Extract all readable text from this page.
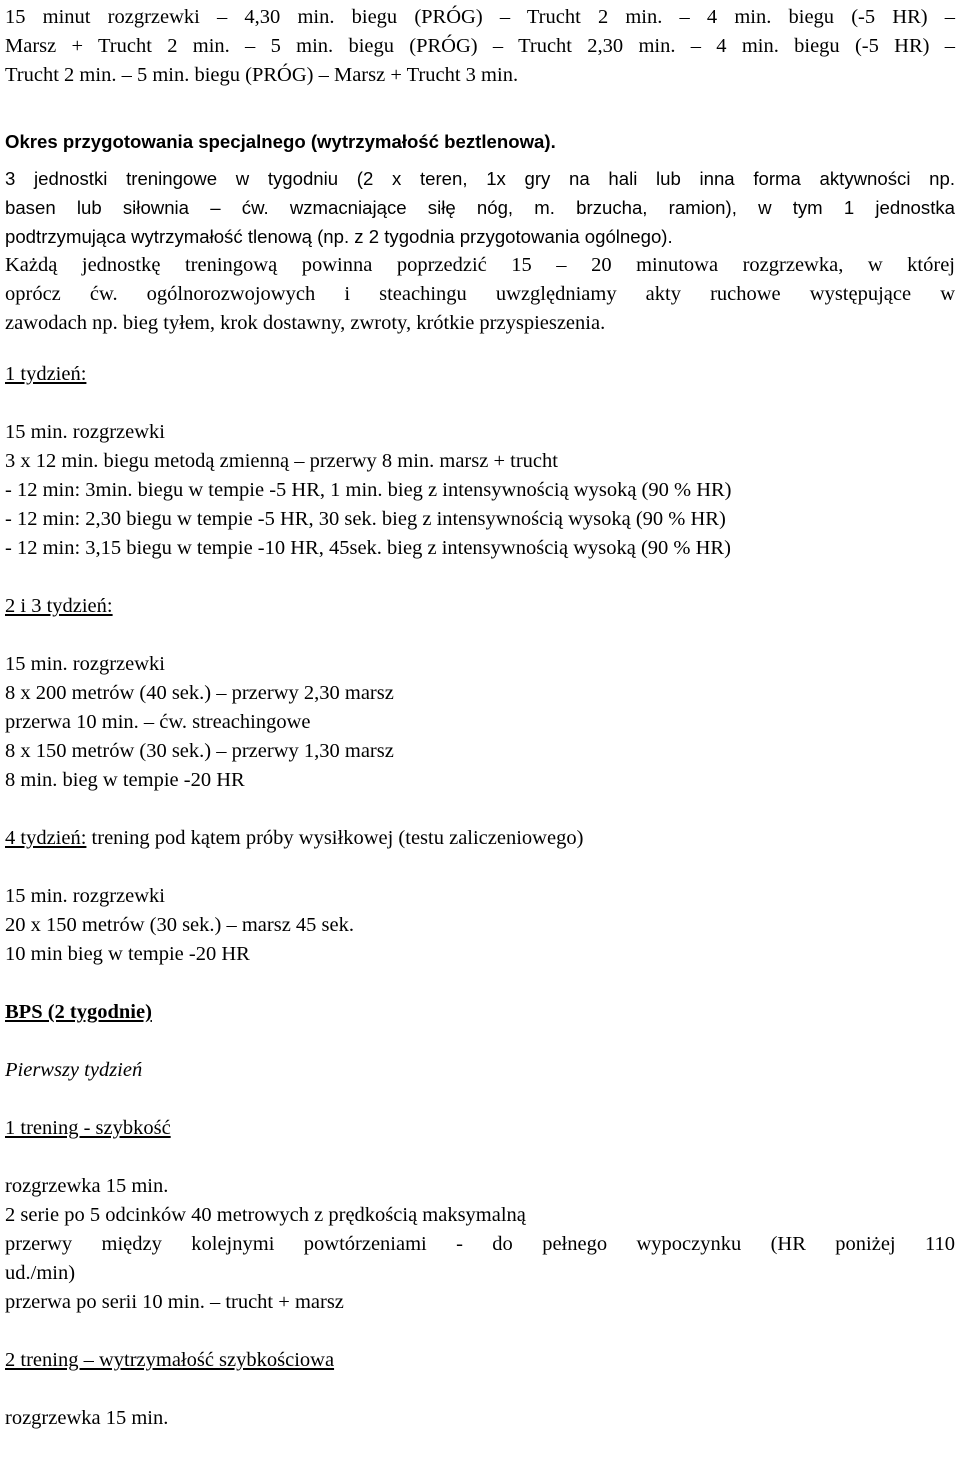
15 minut rozgrzewki – 4,30 min. biegu (PRÓG) – Trucht 2 min. – 4 min. biegu (-5 HR) –

Marsz + Trucht 2 min. – 5 min. biegu (PRÓG) – Trucht 2,30 min. – 4 min. biegu (-5 HR) –

Trucht 2 min. – 5 min. biegu (PRÓG) – Marsz + Trucht 3 min.

Okres przygotowania specjalnego (wytrzymałość beztlenowa).

3 jednostki treningowe w tygodniu (2 x teren, 1x gry na hali lub inna forma aktywności np.

basen lub siłownia – ćw. wzmacniające siłę nóg, m. brzucha, ramion), w tym 1 jednostka

podtrzymująca wytrzymałość tlenową (np. z 2 tygodnia przygotowania ogólnego).

Każdą jednostkę treningową powinna poprzedzić 15 – 20 minutowa rozgrzewka, w której

oprócz ćw. ogólnorozwojowych i steachingu uwzględniamy akty ruchowe występujące w

zawodach np. bieg tyłem, krok dostawny, zwroty, krótkie przyspieszenia.

1 tydzień:

15 min. rozgrzewki

3 x 12 min. biegu metodą zmienną – przerwy 8 min. marsz + trucht

- 12 min: 3min. biegu w tempie -5 HR, 1 min. bieg z intensywnością wysoką (90 % HR)

- 12 min: 2,30 biegu w tempie -5 HR, 30 sek. bieg z intensywnością wysoką (90 % HR)

- 12 min: 3,15 biegu w tempie -10 HR, 45sek. bieg z intensywnością wysoką (90 % HR)

2 i 3 tydzień:

15 min. rozgrzewki

8 x 200 metrów (40 sek.) – przerwy 2,30 marsz

przerwa 10 min. – ćw. streachingowe

8 x 150 metrów (30 sek.) – przerwy 1,30 marsz

8 min. bieg w tempie -20 HR

4 tydzień: trening pod kątem próby wysiłkowej (testu zaliczeniowego)

15 min. rozgrzewki

20 x 150 metrów (30 sek.) – marsz 45 sek.

10 min bieg w tempie -20 HR

BPS (2 tygodnie)

Pierwszy tydzień

1 trening - szybkość

rozgrzewka 15 min.

2 serie po 5 odcinków 40 metrowych z prędkością maksymalną

przerwy między kolejnymi powtórzeniami - do pełnego wypoczynku (HR poniżej 110

ud./min)

przerwa po serii 10 min. – trucht + marsz

2 trening – wytrzymałość szybkościowa

rozgrzewka 15 min.
